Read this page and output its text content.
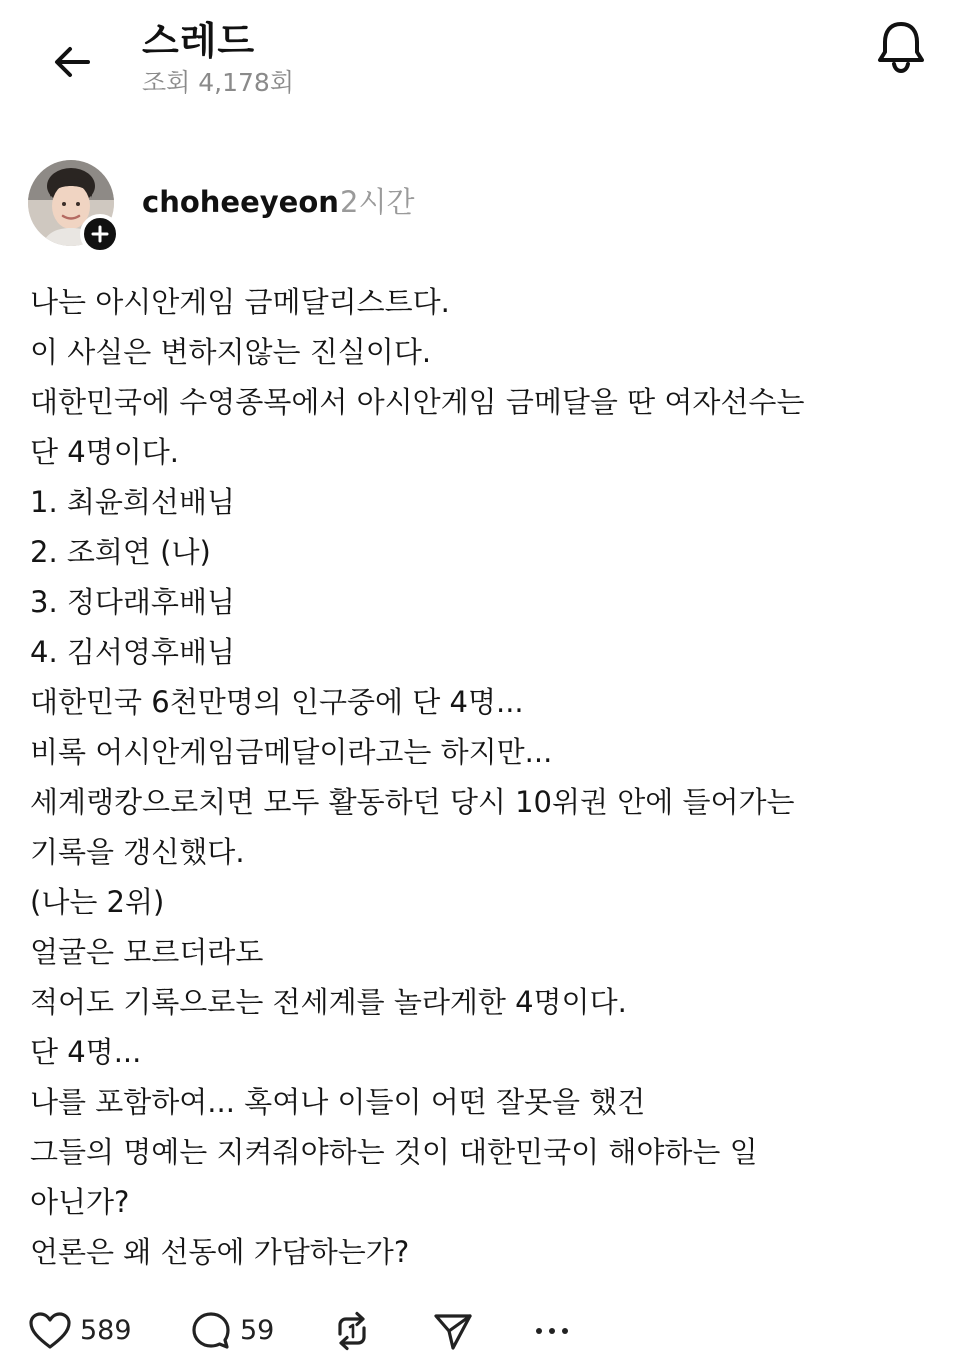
스레드
조회 4,178회
choheeyeon 2시간
나는 아시안게임 금메달리스트다.
이 사실은 변하지않는 진실이다.
대한민국에 수영종목에서 아시안게임 금메달을 딴 여자선수는
단 4명이다.
1. 최윤희선배님
2. 조희연 (나)
3. 정다래후배님
4. 김서영후배님
대한민국 6천만명의 인구중에 단 4명...
비록 어시안게임금메달이라고는 하지만...
세계랭캉으로치면 모두 활동하던 당시 10위권 안에 들어가는
기록을 갱신했다.
(나는 2위)
얼굴은 모르더라도
적어도 기록으로는 전세계를 놀라게한 4명이다.
단 4명...
나를 포함하여... 혹여나 이들이 어떤 잘못을 했건
그들의 명예는 지켜줘야하는 것이 대한민국이 해야하는 일
아닌가?
언론은 왜 선동에 가담하는가?
589	59
